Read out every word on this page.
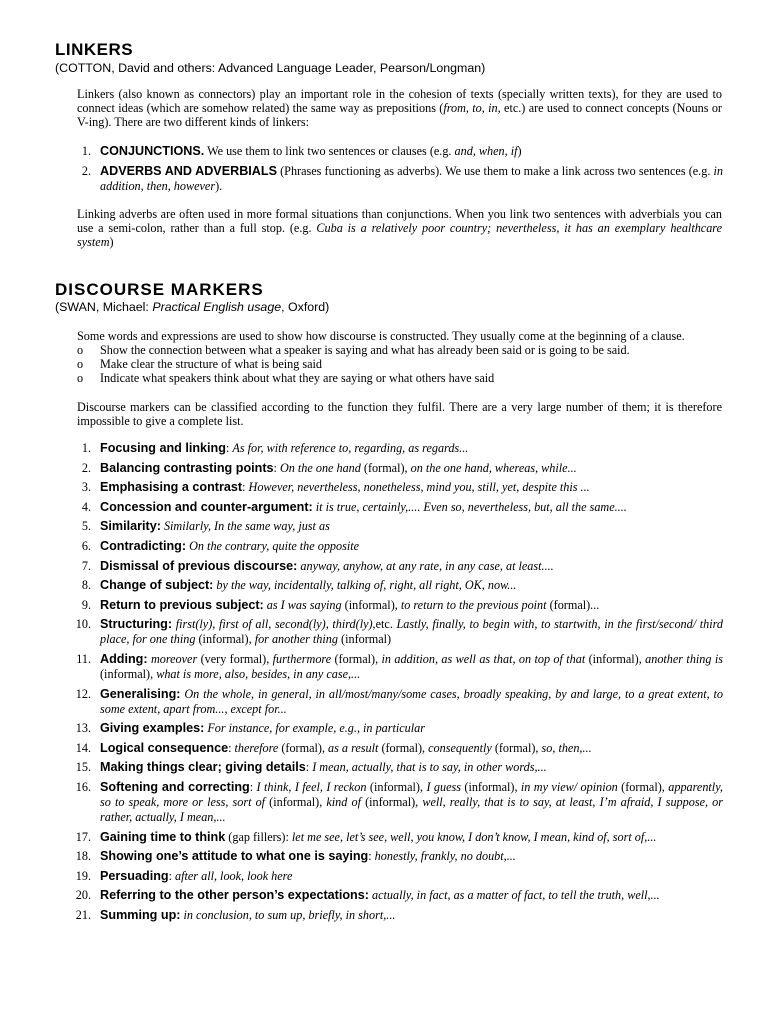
LINKERS
(COTTON, David and others: Advanced Language Leader, Pearson/Longman)
Linkers (also known as connectors) play an important role in the cohesion of texts (specially written texts), for they are used to connect ideas (which are somehow related) the same way as prepositions (from, to, in, etc.) are used to connect concepts (Nouns or V-ing). There are two different kinds of linkers:
1. CONJUNCTIONS. We use them to link two sentences or clauses (e.g. and, when, if)
2. ADVERBS AND ADVERBIALS (Phrases functioning as adverbs). We use them to make a link across two sentences (e.g. in addition, then, however).
Linking adverbs are often used in more formal situations than conjunctions. When you link two sentences with adverbials you can use a semi-colon, rather than a full stop. (e.g. Cuba is a relatively poor country; nevertheless, it has an exemplary healthcare system)
DISCOURSE MARKERS
(SWAN, Michael: Practical English usage, Oxford)
Some words and expressions are used to show how discourse is constructed. They usually come at the beginning of a clause.
o Show the connection between what a speaker is saying and what has already been said or is going to be said.
o Make clear the structure of what is being said
o Indicate what speakers think about what they are saying or what others have said
Discourse markers can be classified according to the function they fulfil. There are a very large number of them; it is therefore impossible to give a complete list.
1. Focusing and linking: As for, with reference to, regarding, as regards...
2. Balancing contrasting points: On the one hand (formal), on the one hand, whereas, while...
3. Emphasising a contrast: However, nevertheless, nonetheless, mind you, still, yet, despite this ...
4. Concession and counter-argument: it is true, certainly,.... Even so, nevertheless, but, all the same....
5. Similarity: Similarly, In the same way, just as
6. Contradicting: On the contrary, quite the opposite
7. Dismissal of previous discourse: anyway, anyhow, at any rate, in any case, at least....
8. Change of subject: by the way, incidentally, talking of, right, all right, OK, now...
9. Return to previous subject: as I was saying (informal), to return to the previous point (formal)...
10. Structuring: first(ly), first of all, second(ly), third(ly),etc. Lastly, finally, to begin with, to startwith, in the first/second/ third place, for one thing (informal), for another thing (informal)
11. Adding: moreover (very formal), furthermore (formal), in addition, as well as that, on top of that (informal), another thing is (informal), what is more, also, besides, in any case,...
12. Generalising: On the whole, in general, in all/most/many/some cases, broadly speaking, by and large, to a great extent, to some extent, apart from..., except for...
13. Giving examples: For instance, for example, e.g., in particular
14. Logical consequence: therefore (formal), as a result (formal), consequently (formal), so, then,...
15. Making things clear; giving details: I mean, actually, that is to say, in other words,...
16. Softening and correcting: I think, I feel, I reckon (informal), I guess (informal), in my view/ opinion (formal), apparently, so to speak, more or less, sort of (informal), kind of (informal), well, really, that is to say, at least, I’m afraid, I suppose, or rather, actually, I mean,...
17. Gaining time to think (gap fillers): let me see, let’s see, well, you know, I don’t know, I mean, kind of, sort of,...
18. Showing one’s attitude to what one is saying: honestly, frankly, no doubt,...
19. Persuading: after all, look, look here
20. Referring to the other person’s expectations: actually, in fact, as a matter of fact, to tell the truth, well,...
21. Summing up: in conclusion, to sum up, briefly, in short,...
